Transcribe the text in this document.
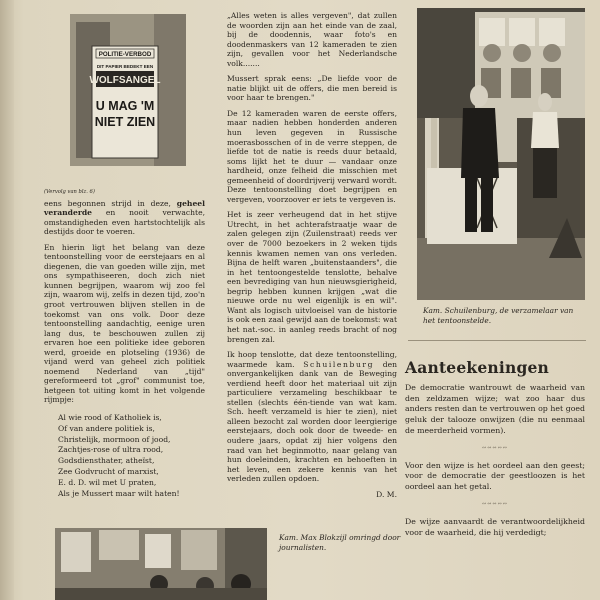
POLITIE-VERBOD
DIT PAPIER BEDEKT EEN
WOLFSANGEL
U MAG 'M
NIET ZIEN
(Vervolg van blz. 6)

eens begonnen strijd in deze, geheel veranderde en nooit verwachte, omstandigheden even hartstochtelijk als destijds door te voeren.

En hierin ligt het belang van deze tentoonstelling voor de eerstejaars en al diegenen, die van goeden wille zijn, met ons sympathiseeren, doch zich niet kunnen begrijpen, waarom wij zoo fel zijn, waarom wij, zelfs in dezen tijd, zoo'n groot vertrouwen blijven stellen in de toekomst van ons volk. Door deze tentoonstelling aandachtig, eenige uren lang dus, te beschouwen zullen zij ervaren hoe een politieke idee geboren werd, groeide en plotseling (1936) de vijand werd van geheel zich politiek noemend Nederland van „tijd" gereformeerd tot „grof" communist toe, hetgeen tot uiting komt in het volgende rijmpje:

Al wie rood of Katholiek is,
Of van andere politiek is,
Christelijk, mormoon of jood,
Zachtjes-rose of ultra rood,
Godsdiensthater, atheïst,
Zee Godvrucht of marxist,
E. d. D. wil met U praten,
Als je Mussert maar wilt haten!

„Alles weten is alles vergeven", dat zullen de woorden zijn aan het einde van de zaal, bij de doodennis, waar foto's en doodenmaskers van 12 kameraden te zien zijn, gevallen voor het Nederlandsche volk.......

Mussert sprak eens: „De liefde voor de natie blijkt uit de offers, die men bereid is voor haar te brengen."

De 12 kameraden waren de eerste offers, maar nadien hebben honderden anderen hun leven gegeven in Russische moerasbosschen of in de verre steppen, de liefde tot de natie is reeds duur betaald, soms lijkt het te duur — vandaar onze hardheid, onze felheid die misschien met gemeenheid of doordrijverij verward wordt. Deze tentoonstelling doet begrijpen en vergeven, voorzoover er iets te vergeven is.

Het is zeer verheugend dat in het stijve Utrecht, in het achterafstraatje waar de zalen gelegen zijn (Zuilenstraat) reeds ver over de 7000 bezoekers in 2 weken tijds kennis kwamen nemen van ons verleden. Bijna de helft waren „buitenstaanders", die in het tentoongestelde tenslotte, behalve een bevrediging van hun nieuwsgierigheid, begrip hebben kunnen krijgen „wat die nieuwe orde nu wel eigenlijk is en wil". Want als logisch uitvloeisel van de historie is ook een zaal gewijd aan de toekomst: wat het nat.-soc. in aanleg reeds bracht of nog brengen zal.

Ik hoop tenslotte, dat deze tentoonstelling, waarmede kam. Schuilenburg den onvergankelijken dank van de Beweging verdiend heeft door het materiaal uit zijn particuliere verzameling beschikbaar te stellen (slechts één-tiende van wat kam. Sch. heeft verzameld is hier te zien), niet alleen bezocht zal worden door leergierige eerstejaars, doch ook door de tweede- en oudere jaars, opdat zij hier volgens den raad van het beginmotto, naar gelang van hun doeleinden, krachten en behoeften in het leven, een zekere kennis van het verleden zullen opdoen.

D. M.
Kam. Schuilenburg, de verzamelaar van het tentoonstelde.
Aanteekeningen

De democratie wantrouwt de waarheid van den zeldzamen wijze; wat zoo haar dus anders resten dan te vertrouwen op het goed geluk der talooze onwijzen (die nu eenmaal de meerderheid vormen).

∾∾∾∾∾

Voor den wijze is het oordeel aan den geest; voor de democratie der geestloozen is het oordeel aan het getal.

∾∾∾∾∾

De wijze aanvaardt de verantwoordelijkheid voor de waarheid, die hij verdedigt;

Kam. Max Blokzijl omringd door journalisten.
